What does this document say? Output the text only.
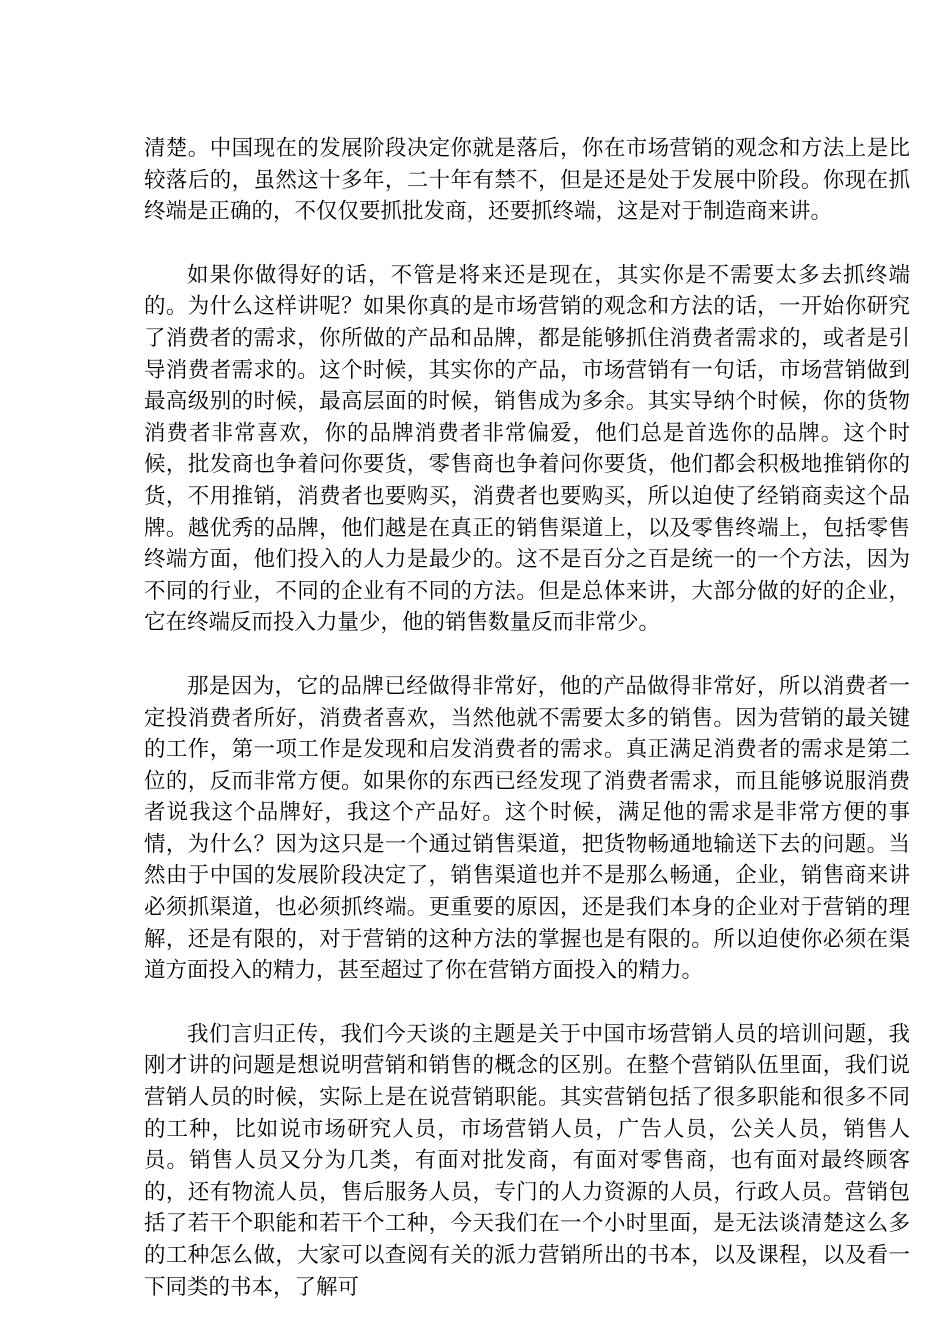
清楚。中国现在的发展阶段决定你就是落后，你在市场营销的观念和方法上是比较落后的，虽然这十多年，二十年有禁不，但是还是处于发展中阶段。你现在抓终端是正确的，不仅仅要抓批发商，还要抓终端，这是对于制造商来讲。

如果你做得好的话，不管是将来还是现在，其实你是不需要太多去抓终端的。为什么这样讲呢？如果你真的是市场营销的观念和方法的话，一开始你研究了消费者的需求，你所做的产品和品牌，都是能够抓住消费者需求的，或者是引导消费者需求的。这个时候，其实你的产品，市场营销有一句话，市场营销做到最高级别的时候，最高层面的时候，销售成为多余。其实导纳个时候，你的货物消费者非常喜欢，你的品牌消费者非常偏爱，他们总是首选你的品牌。这个时候，批发商也争着问你要货，零售商也争着问你要货，他们都会积极地推销你的货，不用推销，消费者也要购买，消费者也要购买，所以迫使了经销商卖这个品牌。越优秀的品牌，他们越是在真正的销售渠道上，以及零售终端上，包括零售终端方面，他们投入的人力是最少的。这不是百分之百是统一的一个方法，因为不同的行业，不同的企业有不同的方法。但是总体来讲，大部分做的好的企业，它在终端反而投入力量少，他的销售数量反而非常少。

那是因为，它的品牌已经做得非常好，他的产品做得非常好，所以消费者一定投消费者所好，消费者喜欢，当然他就不需要太多的销售。因为营销的最关键的工作，第一项工作是发现和启发消费者的需求。真正满足消费者的需求是第二位的，反而非常方便。如果你的东西已经发现了消费者需求，而且能够说服消费者说我这个品牌好，我这个产品好。这个时候，满足他的需求是非常方便的事情，为什么？因为这只是一个通过销售渠道，把货物畅通地输送下去的问题。当然由于中国的发展阶段决定了，销售渠道也并不是那么畅通，企业，销售商来讲必须抓渠道，也必须抓终端。更重要的原因，还是我们本身的企业对于营销的理解，还是有限的，对于营销的这种方法的掌握也是有限的。所以迫使你必须在渠道方面投入的精力，甚至超过了你在营销方面投入的精力。

我们言归正传，我们今天谈的主题是关于中国市场营销人员的培训问题，我刚才讲的问题是想说明营销和销售的概念的区别。在整个营销队伍里面，我们说营销人员的时候，实际上是在说营销职能。其实营销包括了很多职能和很多不同的工种，比如说市场研究人员，市场营销人员，广告人员，公关人员，销售人员。销售人员又分为几类，有面对批发商，有面对零售商，也有面对最终顾客的，还有物流人员，售后服务人员，专门的人力资源的人员，行政人员。营销包括了若干个职能和若干个工种，今天我们在一个小时里面，是无法谈清楚这么多的工种怎么做，大家可以查阅有关的派力营销所出的书本，以及课程，以及看一下同类的书本，了解可
